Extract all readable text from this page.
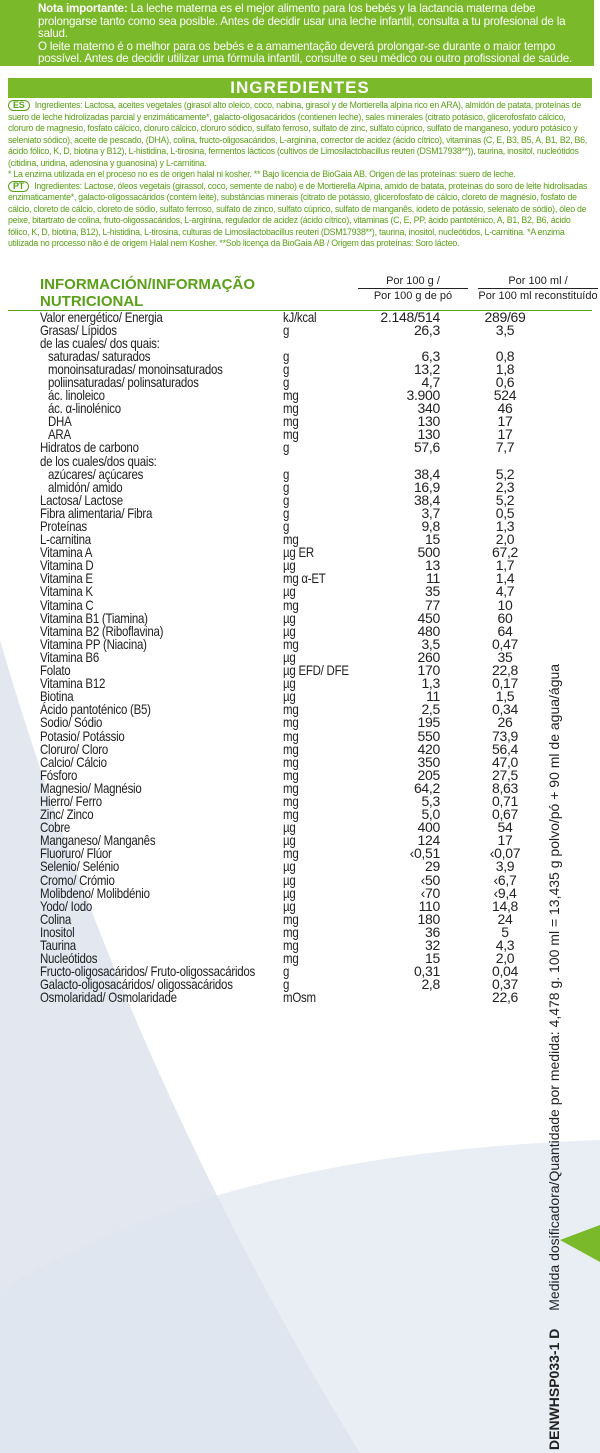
Nota importante: La leche materna es el mejor alimento para los bebés y la lactancia materna debe prolongarse tanto como sea posible. Antes de decidir usar una leche infantil, consulta a tu profesional de la salud.
O leite materno é o melhor para os bebés e a amamentação deverá prolongar-se durante o maior tempo possível. Antes de decidir utilizar uma fórmula infantil, consulte o seu médico ou outro profissional de saúde.
INGREDIENTES

ES Ingredientes: Lactosa, aceites vegetales (girasol alto oleico, coco, nabina, girasol y de Mortierella alpina rico en ARA), almidón de patata, proteínas de suero de leche hidrolizadas parcial y enzimáticamente*, galacto-oligosacáridos (contienen leche), sales minerales (citrato potásico, glicerofosfato cálcico, cloruro de magnesio, fosfato cálcico, cloruro cálcico, cloruro sódico, sulfato ferroso, sulfato de zinc, sulfato cúprico, sulfato de manganeso, yoduro potásico y seleniato sódico), aceite de pescado, (DHA), colina, fructo-oligosacáridos, L-arginina, corrector de acidez (ácido cítrico), vitaminas (C, E, B3, B5, A, B1, B2, B6, ácido fólico, K, D, biotina y B12), L-histidina, L-tirosina, fermentos lácticos (cultivos de Limosilactobacillus reuteri (DSM17938**)), taurina, inositol, nucleótidos (citidina, uridina, adenosina y guanosina) y L-carnitina.

* La enzima utilizada en el proceso no es de origen halal ni kosher. ** Bajo licencia de BioGaia AB. Origen de las proteínas: suero de leche.

PT Ingredientes: Lactose, óleos vegetais (girassol, coco, semente de nabo) e de Mortierella Alpina, amido de batata, proteínas do soro de leite hidrolisadas enzimaticamente*, galacto-oligossacáridos (contém leite), substâncias minerais (citrato de potássio, glicerofosfato de cálcio, cloreto de magnésio, fosfato de cálcio, cloreto de cálcio, cloreto de sódio, sulfato ferroso, sulfato de zinco, sulfato cúprico, sulfato de manganês, iodeto de potássio, selenato de sódio), óleo de peixe, bitartrato de colina, fruto-oligossacáridos, L-arginina, regulador de acidez (ácido cítrico), vitaminas (C, E, PP, ácido pantoténico, A, B1, B2, B6, ácido fólico, K, D, biotina, B12), L-histidina, L-tirosina, culturas de Limosilactobacillus reuteri (DSM17938**), taurina, inositol, nucleótidos, L-carnitina. *A enzima utilizada no processo não é de origem Halal nem Kosher. **Sob licença da BioGaia AB / Origem das proteínas: Soro lácteo.

INFORMACIÓN/INFORMAÇÃO NUTRICIONAL
Por 100 g /
Por 100 g de pó
Por 100 ml /
Por 100 ml reconstituído
Valor energético/ Energia	kJ/kcal	2.148/514	289/69
Grasas/ Lípidos	g	26,3	3,5
de las cuales/ dos quais:
saturadas/ saturados	g	6,3	0,8
monoinsaturadas/ monoinsaturados	g	13,2	1,8
poliinsaturadas/ polinsaturados	g	4,7	0,6
ác. linoleico	mg	3.900	524
ác. α-linolénico	mg	340	46
DHA	mg	130	17
ARA	mg	130	17
Hidratos de carbono	g	57,6	7,7
de los cuales/dos quais:
azúcares/ açúcares	g	38,4	5,2
almidón/ amido	g	16,9	2,3
Lactosa/ Lactose	g	38,4	5,2
Fibra alimentaria/ Fibra	g	3,7	0,5
Proteínas	g	9,8	1,3
L-carnitina	mg	15	2,0
Vitamina A	µg ER	500	67,2
Vitamina D	µg	13	1,7
Vitamina E	mg α-ET	11	1,4
Vitamina K	µg	35	4,7
Vitamina C	mg	77	10
Vitamina B1 (Tiamina)	µg	450	60
Vitamina B2 (Riboflavina)	µg	480	64
Vitamina PP (Niacina)	mg	3,5	0,47
Vitamina B6	µg	260	35
Folato	µg EFD/ DFE	170	22,8
Vitamina B12	µg	1,3	0,17
Biotina	µg	11	1,5
Ácido pantoténico (B5)	mg	2,5	0,34
Sodio/ Sódio	mg	195	26
Potasio/ Potássio	mg	550	73,9
Cloruro/ Cloro	mg	420	56,4
Calcio/ Cálcio	mg	350	47,0
Fósforo	mg	205	27,5
Magnesio/ Magnésio	mg	64,2	8,63
Hierro/ Ferro	mg	5,3	0,71
Zinc/ Zinco	mg	5,0	0,67
Cobre	µg	400	54
Manganeso/ Manganês	µg	124	17
Fluoruro/ Flúor	mg	‹0,51	‹0,07
Selenio/ Selénio	µg	29	3,9
Cromo/ Crómio	µg	‹50	‹6,7
Molibdeno/ Molibdénio	µg	‹70	‹9,4
Yodo/ Iodo	µg	110	14,8
Colina	mg	180	24
Inositol	mg	36	5
Taurina	mg	32	4,3
Nucleótidos	mg	15	2,0
Fructo-oligosacáridos/ Fruto-oligossacáridos g	0,31	0,04
Galacto-oligosacáridos/ oligossacáridos	g	2,8	0,37
Osmolaridad/ Osmolaridade	mOsm	22,6
DENWHSP033-1 D Medida dosificadora/Quantidade por medida: 4,478 g. 100 ml = 13,435 g polvo/pó + 90 ml de agua/água
